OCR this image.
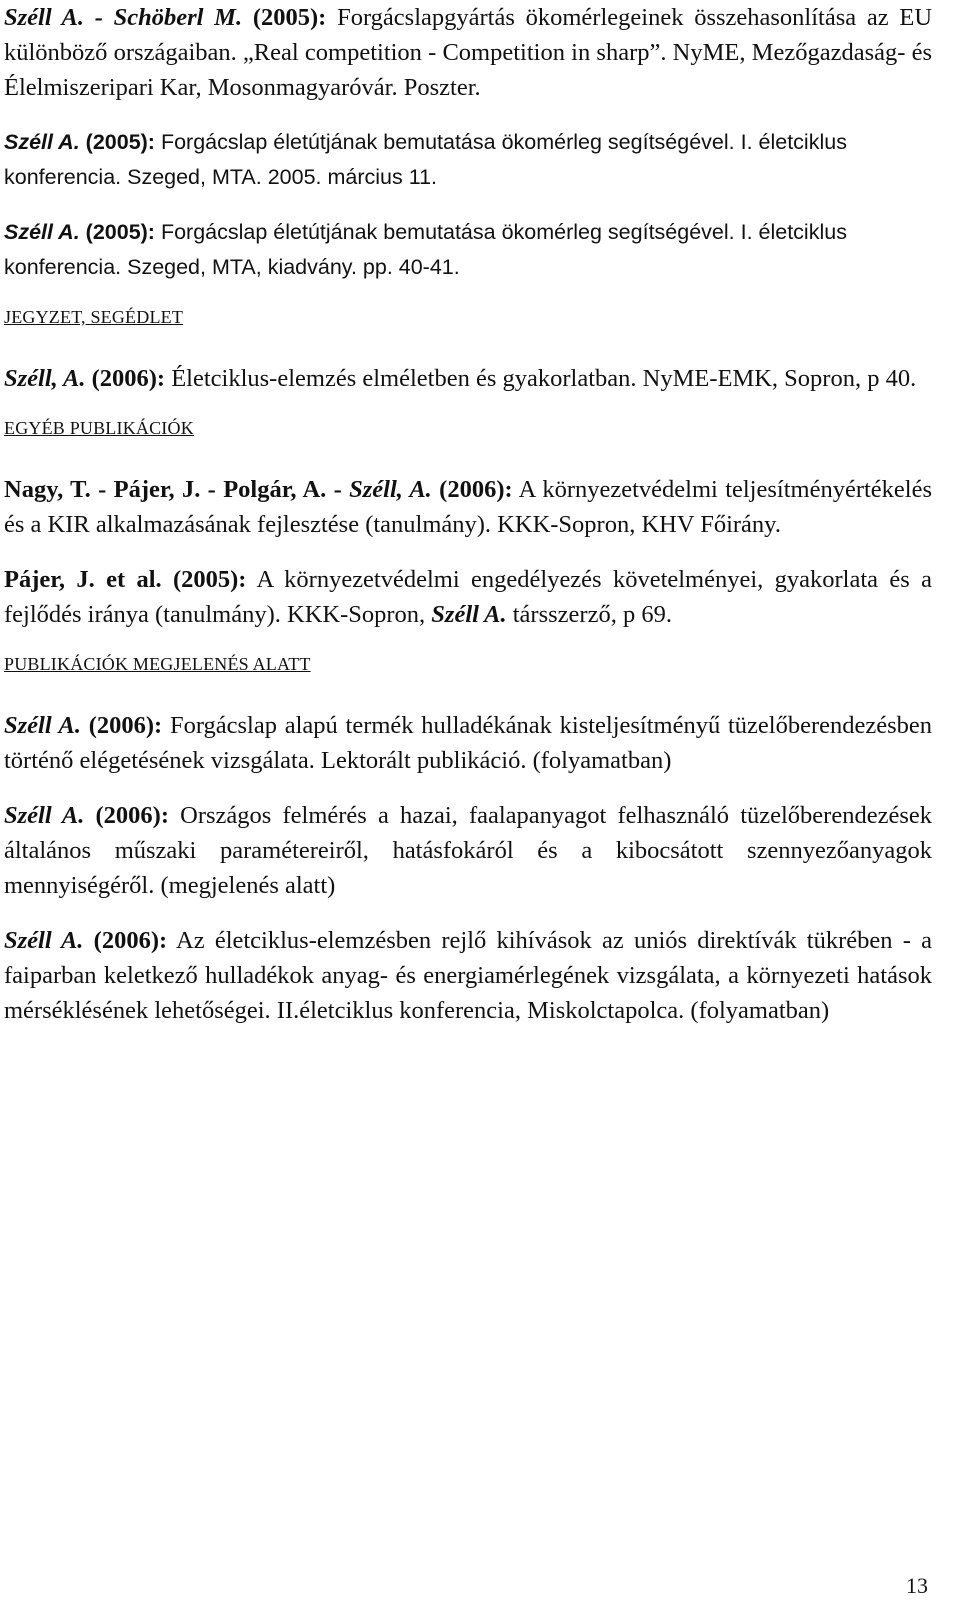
Széll A. - Schöberl M. (2005): Forgácslapgyártás ökomérlegeinek összehasonlítása az EU különböző országaiban. „Real competition - Competition in sharp”. NyME, Mezőgazdaság- és Élelmiszeripari Kar, Mosonmagyaróvár. Poszter.

Széll A. (2005): Forgácslap életútjának bemutatása ökomérleg segítségével. I. életciklus konferencia. Szeged, MTA. 2005. március 11.

Széll A. (2005): Forgácslap életútjának bemutatása ökomérleg segítségével. I. életciklus konferencia. Szeged, MTA, kiadvány. pp. 40-41.

JEGYZET, SEGÉDLET

Széll, A. (2006): Életciklus-elemzés elméletben és gyakorlatban. NyME-EMK, Sopron, p 40.

EGYÉB PUBLIKÁCIÓK

Nagy, T. - Pájer, J. - Polgár, A. - Széll, A. (2006): A környezetvédelmi teljesítményértékelés és a KIR alkalmazásának fejlesztése (tanulmány). KKK-Sopron, KHV Főirány.

Pájer, J. et al. (2005): A környezetvédelmi engedélyezés követelményei, gyakorlata és a fejlődés iránya (tanulmány). KKK-Sopron, Széll A. társszerző, p 69.

PUBLIKÁCIÓK MEGJELENÉS ALATT

Széll A. (2006): Forgácslap alapú termék hulladékának kisteljesítményű tüzelőberendezésben történő elégetésének vizsgálata. Lektorált publikáció. (folyamatban)

Széll A. (2006): Országos felmérés a hazai, faalapanyagot felhasználó tüzelőberendezések általános műszaki paramétereiről, hatásfokáról és a kibocsátott szennyezőanyagok mennyiségéről. (megjelenés alatt)

Széll A. (2006): Az életciklus-elemzésben rejlő kihívások az uniós direktívák tükrében - a faiparban keletkező hulladékok anyag- és energiamérlegének vizsgálata, a környezeti hatások mérséklésének lehetőségei. II.életciklus konferencia, Miskolctapolca. (folyamatban)

13
